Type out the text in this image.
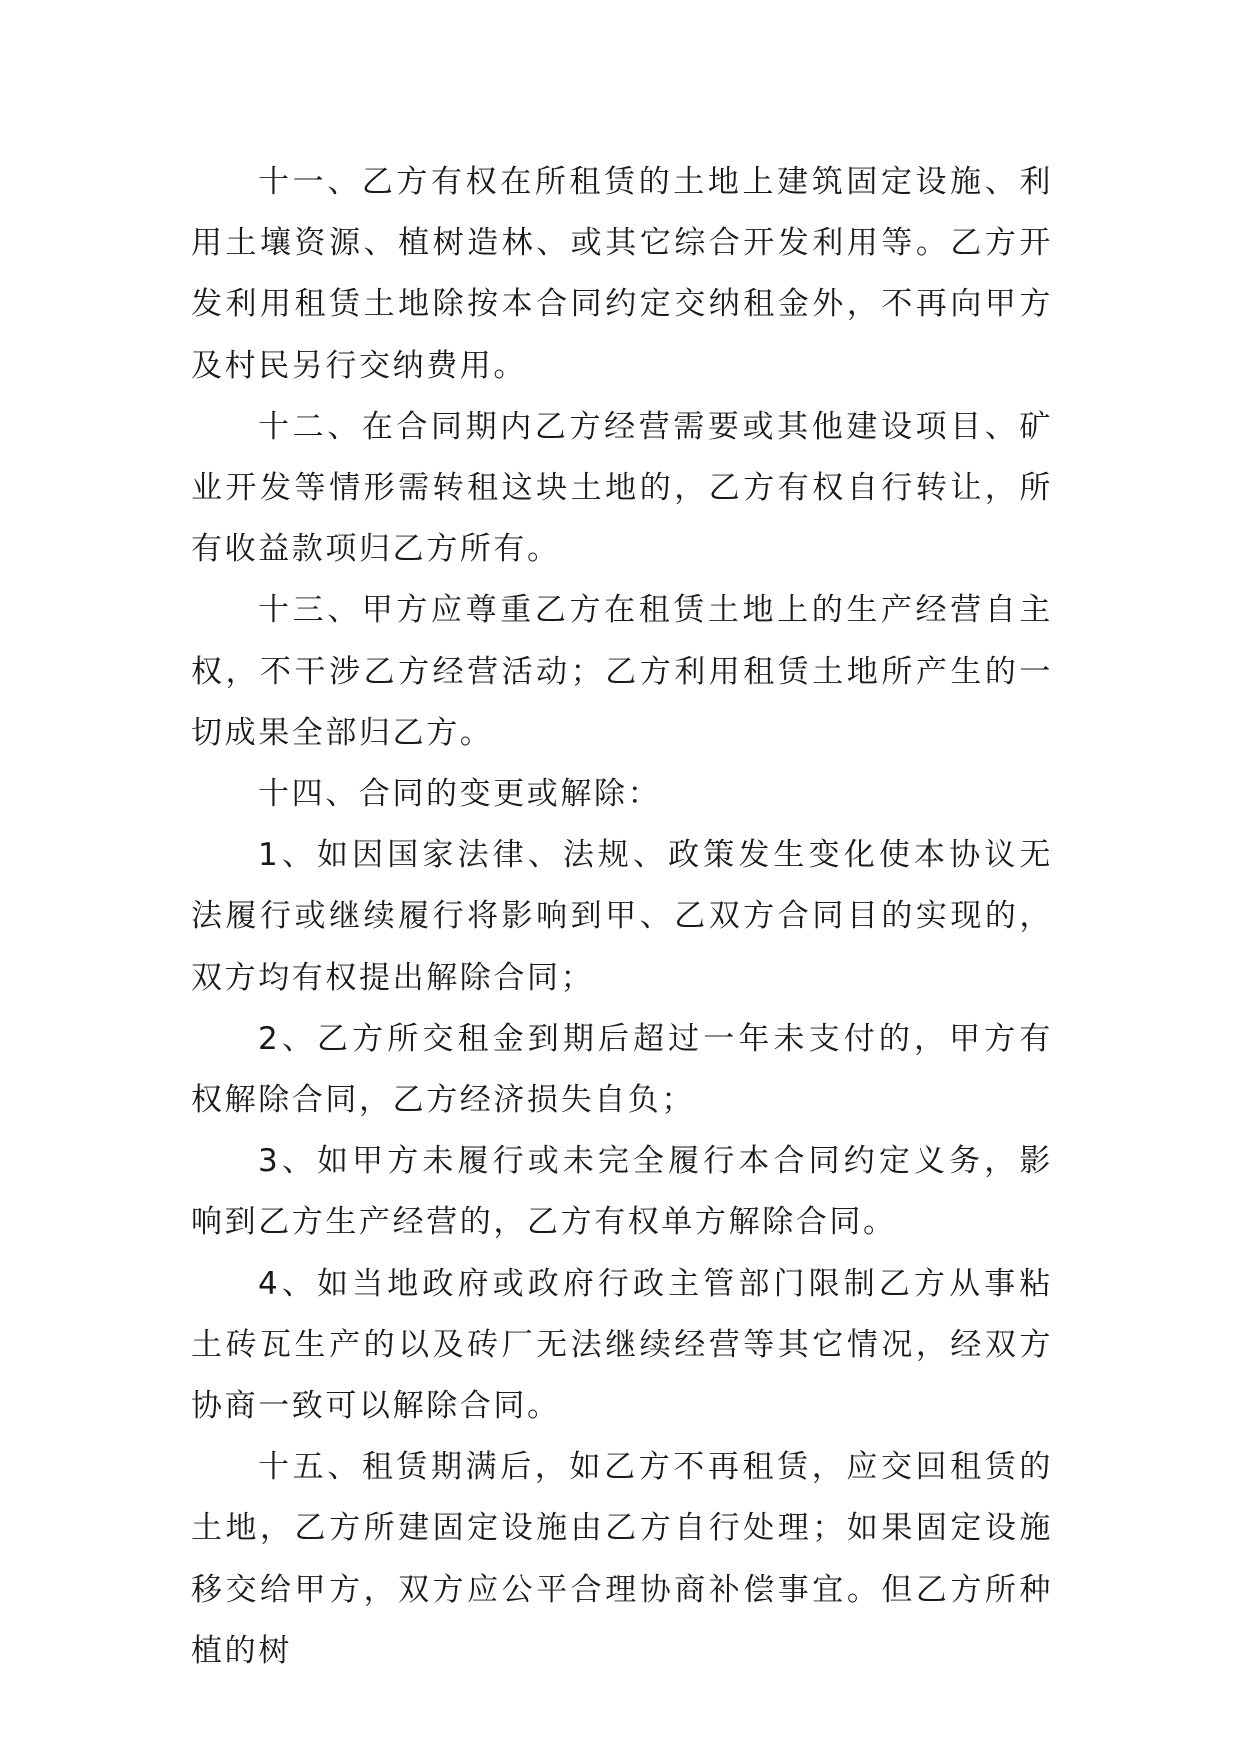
十一、乙方有权在所租赁的土地上建筑固定设施、利用土壤资源、植树造林、或其它综合开发利用等。乙方开发利用租赁土地除按本合同约定交纳租金外，不再向甲方及村民另行交纳费用。

十二、在合同期内乙方经营需要或其他建设项目、矿业开发等情形需转租这块土地的，乙方有权自行转让，所有收益款项归乙方所有。

十三、甲方应尊重乙方在租赁土地上的生产经营自主权，不干涉乙方经营活动；乙方利用租赁土地所产生的一切成果全部归乙方。

十四、合同的变更或解除：

1、如因国家法律、法规、政策发生变化使本协议无法履行或继续履行将影响到甲、乙双方合同目的实现的，双方均有权提出解除合同；

2、乙方所交租金到期后超过一年未支付的，甲方有权解除合同，乙方经济损失自负；

3、如甲方未履行或未完全履行本合同约定义务，影响到乙方生产经营的，乙方有权单方解除合同。

4、如当地政府或政府行政主管部门限制乙方从事粘土砖瓦生产的以及砖厂无法继续经营等其它情况，经双方协商一致可以解除合同。

十五、租赁期满后，如乙方不再租赁，应交回租赁的土地，乙方所建固定设施由乙方自行处理；如果固定设施移交给甲方，双方应公平合理协商补偿事宜。但乙方所种植的树
